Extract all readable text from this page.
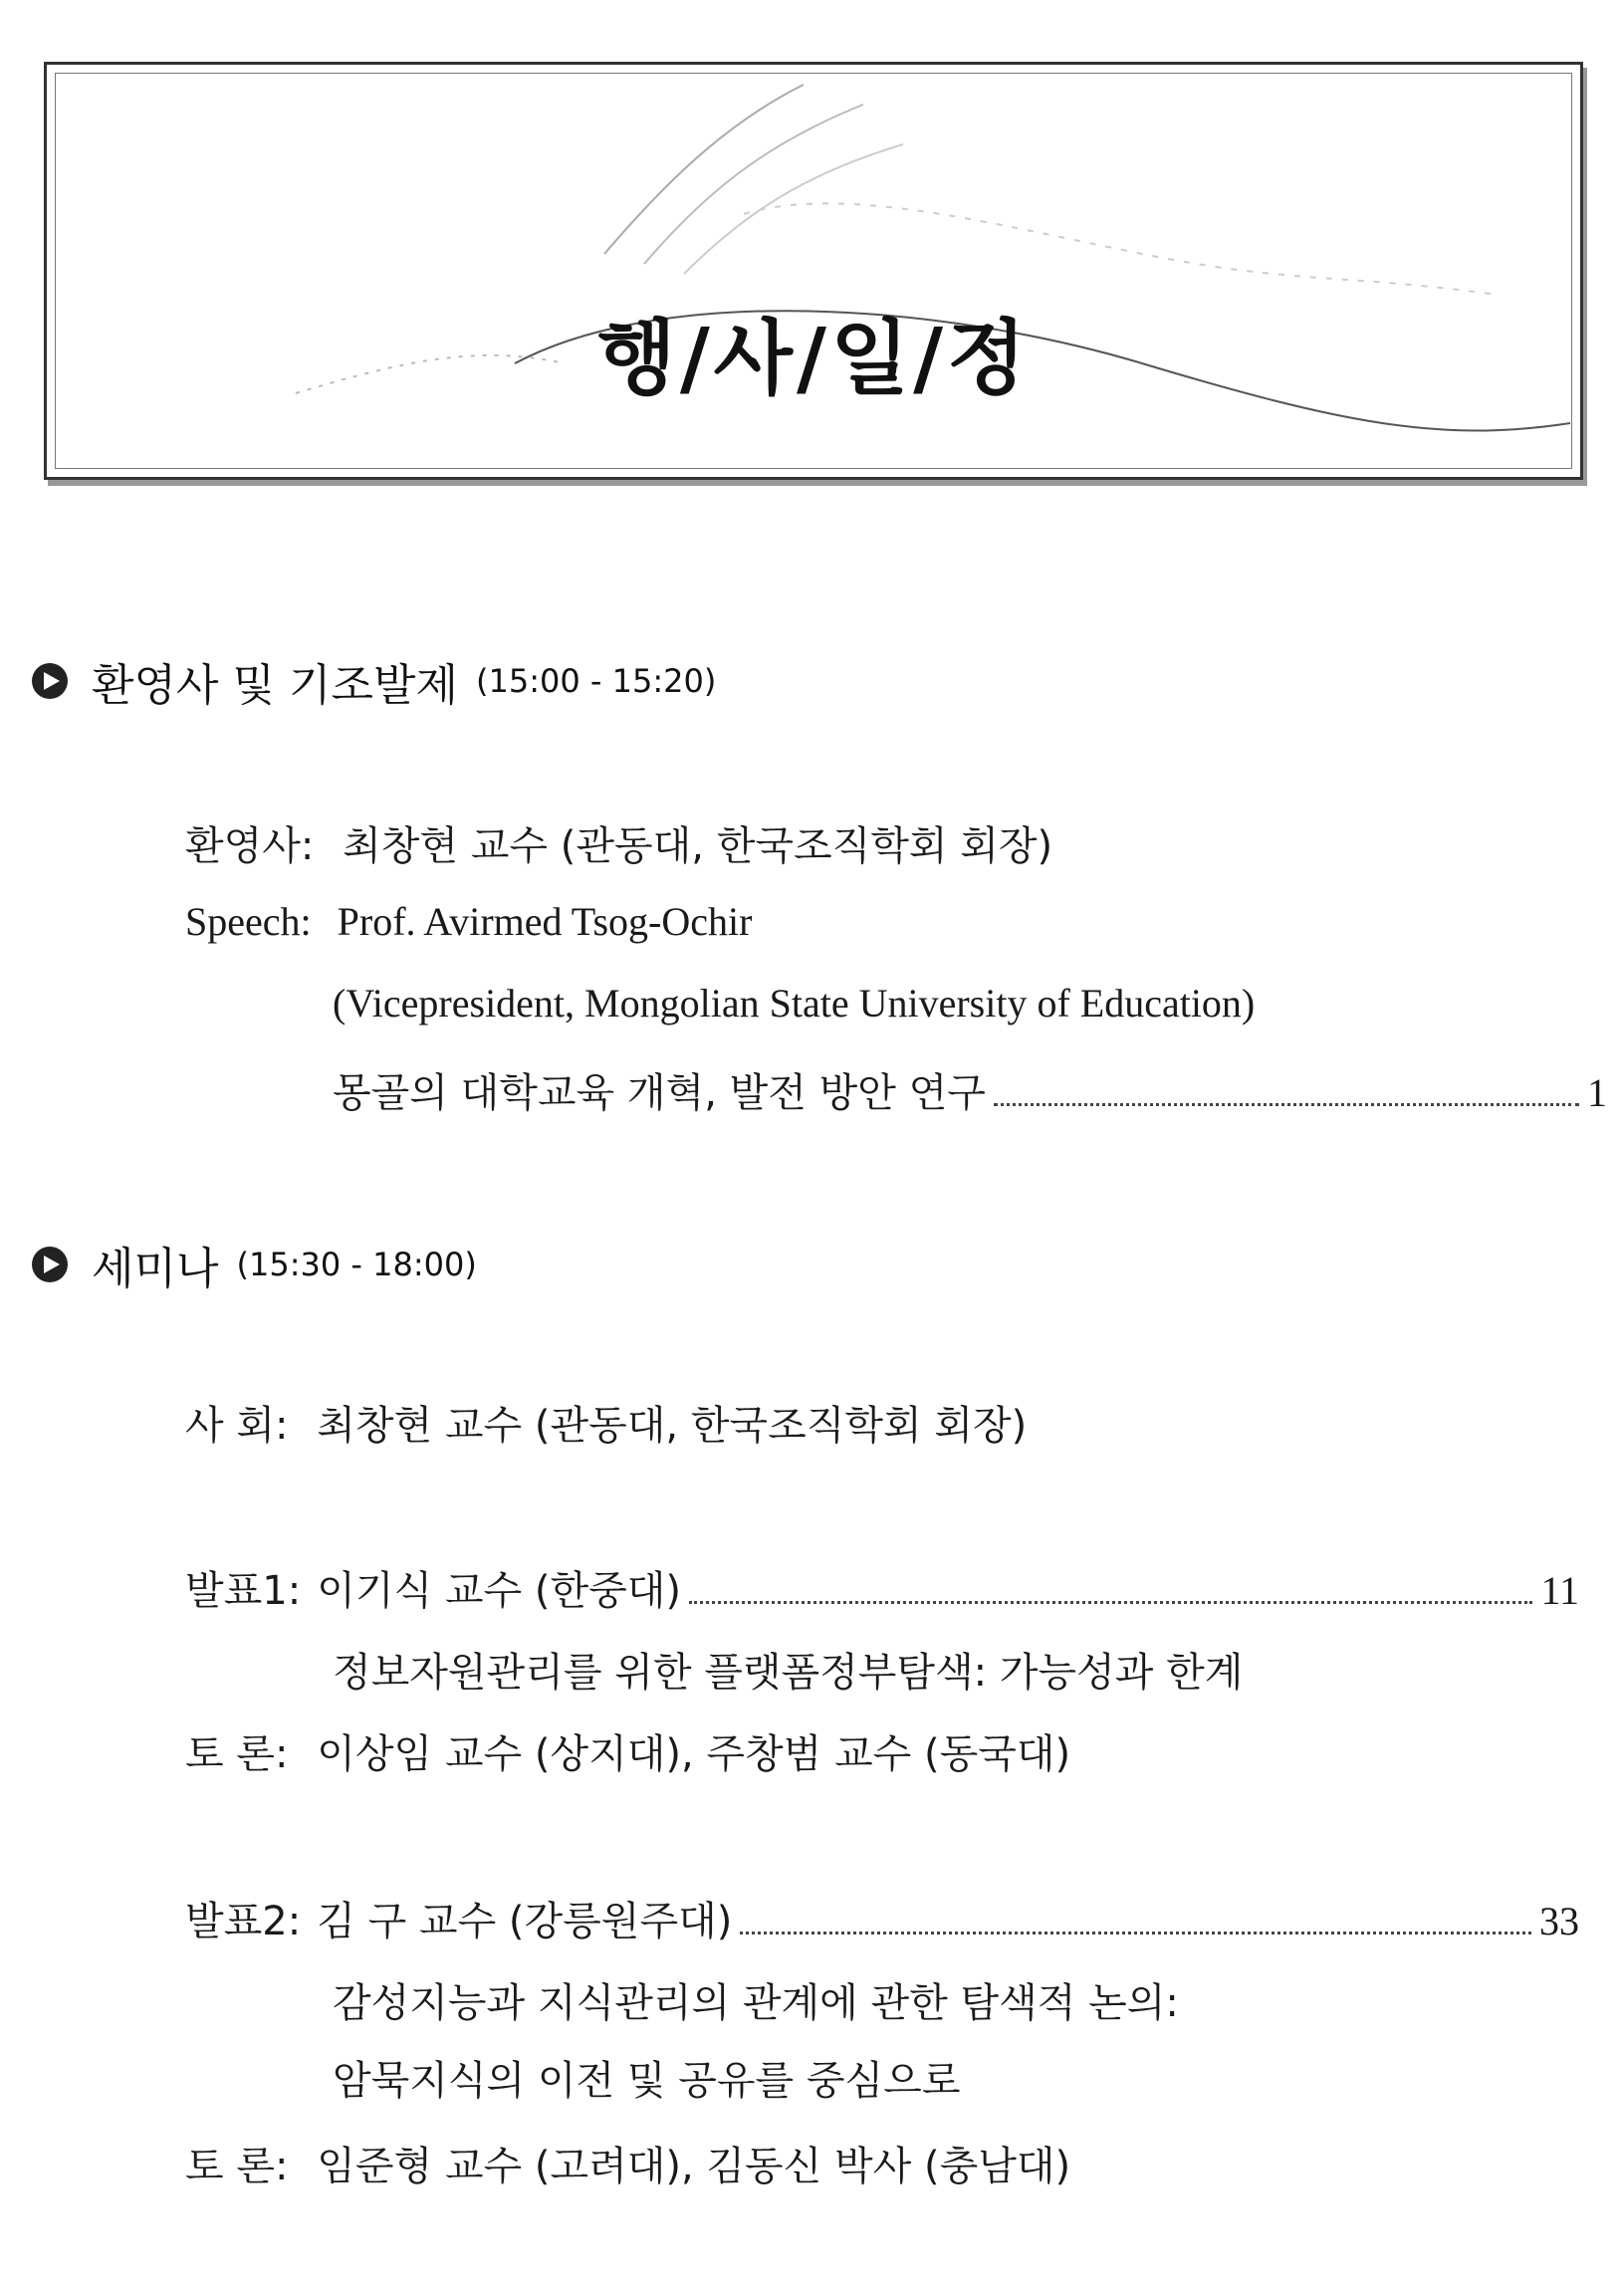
행/사/일/정
환영사 및 기조발제 (15:00 - 15:20)
환영사: 최창현 교수 (관동대, 한국조직학회 회장)
Speech: Prof. Avirmed Tsog-Ochir
(Vicepresident, Mongolian State University of Education)
몽골의 대학교육 개혁, 발전 방안 연구	1
세미나 (15:30 - 18:00)
사 회: 최창현 교수 (관동대, 한국조직학회 회장)
발표1: 이기식 교수 (한중대)	11
정보자원관리를 위한 플랫폼정부탐색: 가능성과 한계
토 론: 이상임 교수 (상지대), 주창범 교수 (동국대)
발표2: 김 구 교수 (강릉원주대)	33
감성지능과 지식관리의 관계에 관한 탐색적 논의:
암묵지식의 이전 및 공유를 중심으로
토 론: 임준형 교수 (고려대), 김동신 박사 (충남대)
